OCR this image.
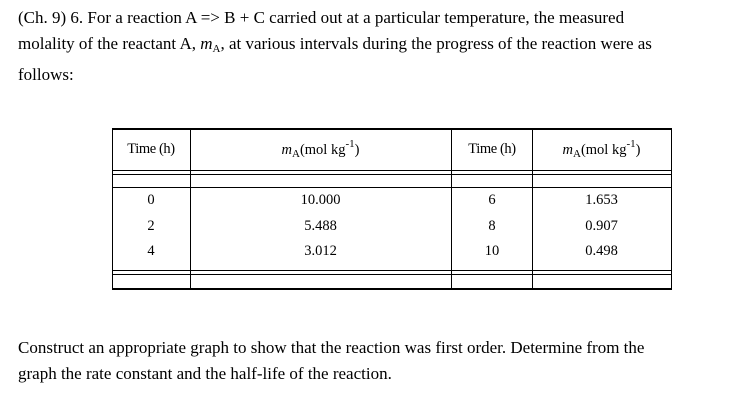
(Ch. 9) 6. For a reaction A => B + C carried out at a particular temperature, the measured
molality of the reactant A, $m_A$, at various intervals during the progress of the reaction were as
follows:

Time (h)	$m_A(mol$ $kg^{-1}$)	Time (h)	$m_A(mol$ $kg^{-1}$)
0	10.000	6	1.653
2	5.488	8	0.907
4	3.012	10	0.498

Construct an appropriate graph to show that the reaction was first order. Determine from the
graph the rate constant and the half-life of the reaction.
